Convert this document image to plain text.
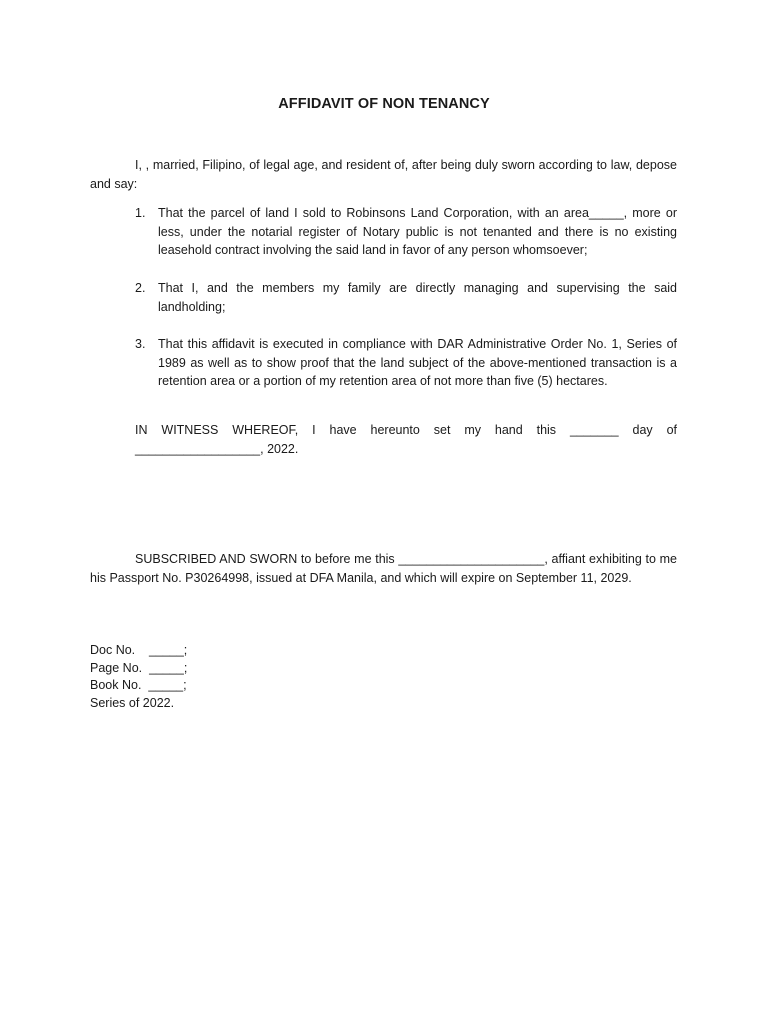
AFFIDAVIT OF NON TENANCY

I, , married, Filipino, of legal age, and resident of, after being duly sworn according to law, depose and say:

1.	That the parcel of land I sold to Robinsons Land Corporation, with an area_____, more or less, under the notarial register of Notary public is not tenanted and there is no existing leasehold contract involving the said land in favor of any person whomsoever;
2.	That I, and the members my family are directly managing and supervising the said landholding;
3.	That this affidavit is executed in compliance with DAR Administrative Order No. 1, Series of 1989 as well as to show proof that the land subject of the above-mentioned transaction is a retention area or a portion of my retention area of not more than five (5) hectares.

IN WITNESS WHEREOF, I have hereunto set my hand this _______ day of __________________, 2022.

SUBSCRIBED AND SWORN to before me this _____________________, affiant exhibiting to me his Passport No. P30264998, issued at DFA Manila, and which will expire on September 11, 2029.

Doc No.    _____;
Page No.  _____;
Book No.  _____;
Series of 2022.
